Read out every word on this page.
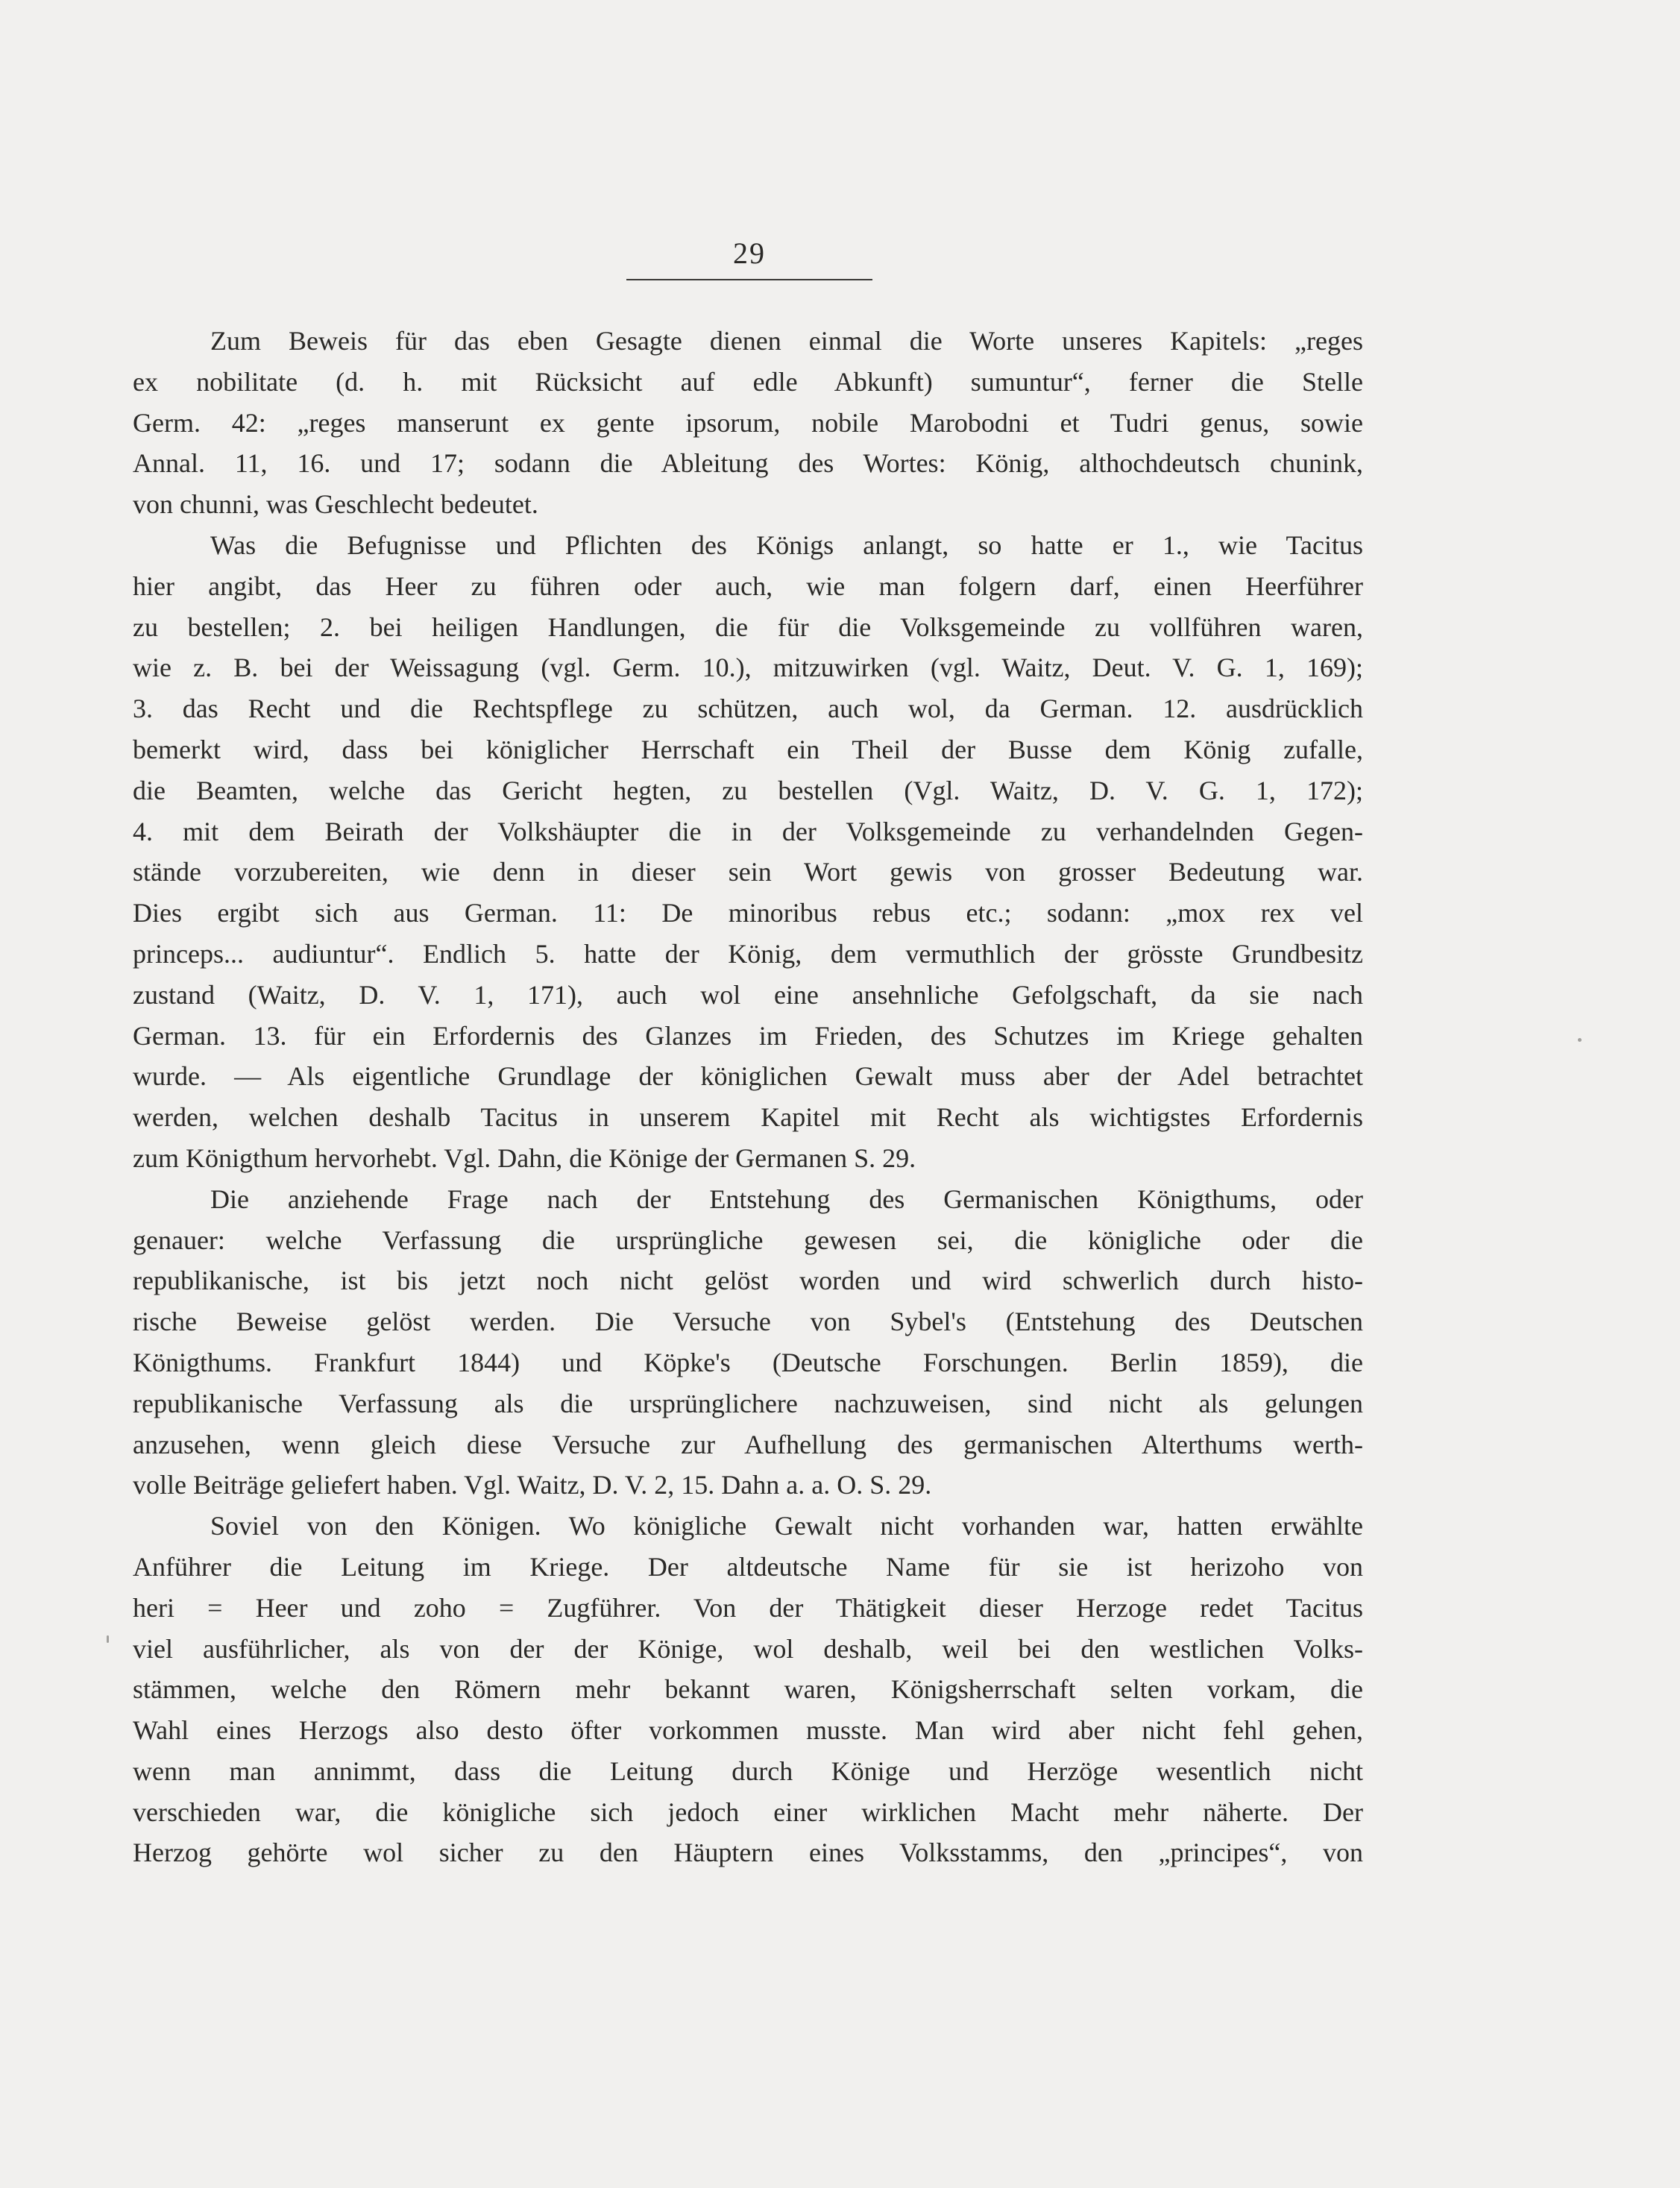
29
Zum Beweis für das eben Gesagte dienen einmal die Worte unseres Kapitels: „reges
ex nobilitate (d. h. mit Rücksicht auf edle Abkunft) sumuntur“, ferner die Stelle
Germ. 42: „reges manserunt ex gente ipsorum, nobile Marobodni et Tudri genus, sowie
Annal. 11, 16. und 17; sodann die Ableitung des Wortes: König, althochdeutsch chunink,
von chunni, was Geschlecht bedeutet.
Was die Befugnisse und Pflichten des Königs anlangt, so hatte er 1., wie Tacitus
hier angibt, das Heer zu führen oder auch, wie man folgern darf, einen Heerführer
zu bestellen; 2. bei heiligen Handlungen, die für die Volksgemeinde zu vollführen waren,
wie z. B. bei der Weissagung (vgl. Germ. 10.), mitzuwirken (vgl. Waitz, Deut. V. G. 1, 169);
3. das Recht und die Rechtspflege zu schützen, auch wol, da German. 12. ausdrücklich
bemerkt wird, dass bei königlicher Herrschaft ein Theil der Busse dem König zufalle,
die Beamten, welche das Gericht hegten, zu bestellen (Vgl. Waitz, D. V. G. 1, 172);
4. mit dem Beirath der Volkshäupter die in der Volksgemeinde zu verhandelnden Gegen-
stände vorzubereiten, wie denn in dieser sein Wort gewis von grosser Bedeutung war.
Dies ergibt sich aus German. 11: De minoribus rebus etc.; sodann: „mox rex vel
princeps... audiuntur“. Endlich 5. hatte der König, dem vermuthlich der grösste Grundbesitz
zustand (Waitz, D. V. 1, 171), auch wol eine ansehnliche Gefolgschaft, da sie nach
German. 13. für ein Erfordernis des Glanzes im Frieden, des Schutzes im Kriege gehalten
wurde. — Als eigentliche Grundlage der königlichen Gewalt muss aber der Adel betrachtet
werden, welchen deshalb Tacitus in unserem Kapitel mit Recht als wichtigstes Erfordernis
zum Königthum hervorhebt. Vgl. Dahn, die Könige der Germanen S. 29.
Die anziehende Frage nach der Entstehung des Germanischen Königthums, oder
genauer: welche Verfassung die ursprüngliche gewesen sei, die königliche oder die
republikanische, ist bis jetzt noch nicht gelöst worden und wird schwerlich durch histo-
rische Beweise gelöst werden. Die Versuche von Sybel's (Entstehung des Deutschen
Königthums. Frankfurt 1844) und Köpke's (Deutsche Forschungen. Berlin 1859), die
republikanische Verfassung als die ursprünglichere nachzuweisen, sind nicht als gelungen
anzusehen, wenn gleich diese Versuche zur Aufhellung des germanischen Alterthums werth-
volle Beiträge geliefert haben. Vgl. Waitz, D. V. 2, 15. Dahn a. a. O. S. 29.
Soviel von den Königen. Wo königliche Gewalt nicht vorhanden war, hatten erwählte
Anführer die Leitung im Kriege. Der altdeutsche Name für sie ist herizoho von
heri = Heer und zoho = Zugführer. Von der Thätigkeit dieser Herzoge redet Tacitus
viel ausführlicher, als von der der Könige, wol deshalb, weil bei den westlichen Volks-
stämmen, welche den Römern mehr bekannt waren, Königsherrschaft selten vorkam, die
Wahl eines Herzogs also desto öfter vorkommen musste. Man wird aber nicht fehl gehen,
wenn man annimmt, dass die Leitung durch Könige und Herzöge wesentlich nicht
verschieden war, die königliche sich jedoch einer wirklichen Macht mehr näherte. Der
Herzog gehörte wol sicher zu den Häuptern eines Volksstamms, den „principes“, von
